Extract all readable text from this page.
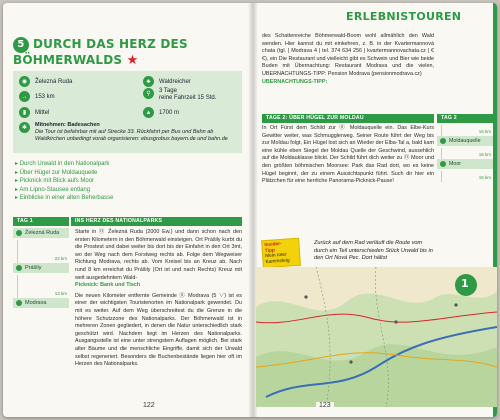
5 DURCH DAS HERZ DES
BÖHMERWALDS ★
◉	Železná Ruda	♣	Waldreicher
→	153 km	⚲	3 Tage
reine Fahrzeit 15 Std.
▮	Mittel	▲	1700 m
✱	Mitnehmen: Badesachen
Die Tour ist befahrbar mit auf Strecke 33. Rückfahrt per Bus und Bahn ab Waldkirchen unbedingt vorab organisieren: ebusgrobus bayern.de und bahn.de
▸ Durch Urwald in den Nationalpark
▸ Über Hügel zur Moldauquelle
▸ Picknick mit Blick aufs Moor
▸ Am Lipno-Stausee entlang
▸ Einblicke in einer alten Beherbasse
TAG 1	INS HERZ DES NATIONALPARKS
Železná Ruda
22 km
Prášily
13 km
Modrava

Starte in ⓪ Železná Ruda (2000 Ew.) und dann schon nach den ersten Kilometern in den Böhmerwald einsteigen. Ort Prášily kurbt du die Prostest und dabei weiter bis dort bis der Einfahrt in den Ort 3mt, wo der Weg nach dem Forstweg rechts ab. Folge dem Wegweiser Richtung Modrava, rechts ab. Vom Kreisel bis an Kreuz ab. Nach rund 8 km erreichst du Prášily (Ort ist und nach Rechts) Kreuz mit weit ausgedehntem Wald-

Picknick: Bank und Tisch

Die neuen Kilometer entfernte Gemeinde ⓪ Modrava (5 ∨) ist es einer der wichtigsten Touristenorten im Nationalpark gewendet. Du mit es weiter. Auf dem Weg überschreitest du die Grenze in die höhere Schutzzone des Nationalparks. Der Böhmerwald ist in mehreren Zonen gegliedert, in denen die Natur unterschiedlich stark geschützt wird. Nachdem liegt im Herzen des Nationalparks. Ausgangsstelle ist eine unter strengstem Auflagen möglich. Bei stark alter Bäume und die menschliche Eingriffe, damit sich der Urwald selbst regeneriert. Besonders die Buchenbestände liegen hier oft im Herzen des Nationalparks.

122
ERLEBNISTOUREN

des Schattenreiche Böhmerwald-Boom wohl allmählich den Wald wenden. Hier kannst du mit einkehren, z. B. in der Kvartermannová chata (tgl. | Modrava 4 | tel. 374 634 256 | kvartermannovachata.cz | €€), ein Die Restaurant und vielleicht gibt es Schwein und Bier wie beide Buden mit Übernachtung: Restaurant Modrava und die vielen, UBERNACHTUNGS-TIPP: Pension Modrava (pensionmodrava.cz)

UBERNACHTUNGS-TIPP:

TAGE 2: ÜBER HÜGEL ZUR MOLDAU	TAG 2

In Ort Fürst dem Schild zur ⓪ Moldauquelle ein. Das Elbe-Kurs Gewitter weiter, was Schmugglerweg. Seiner Route führt der Weg bis zur Moldau folgt, Ein Hügel lost sich an Wieder der Elba-Tal a, bald kam eine kühle eben Siegel der Moldau Quelle der Geschwind, aussehlich auf die Moldauklasse blickt. Der Schild führt dich weiter zu ⓪ Moor und den größten böhmischen Moorsee: Park das Rad dort, wo es keine Hügel beginnt, der zu einem Aussichtspunkt führt. Such dir hier ein Plätzchen für eine herrliche Panorama-Picknick-Pause!

16 km
Moldauquelle
16 km
Moor
15 km
Insider-
Tipp
Mein roter Kammsteig
Zurück auf dem Rad verläuft die Route vom durch ein Teil unterschieden Stück Urwald bis in den Ort Nová Pec. Dort hältst
1
123
